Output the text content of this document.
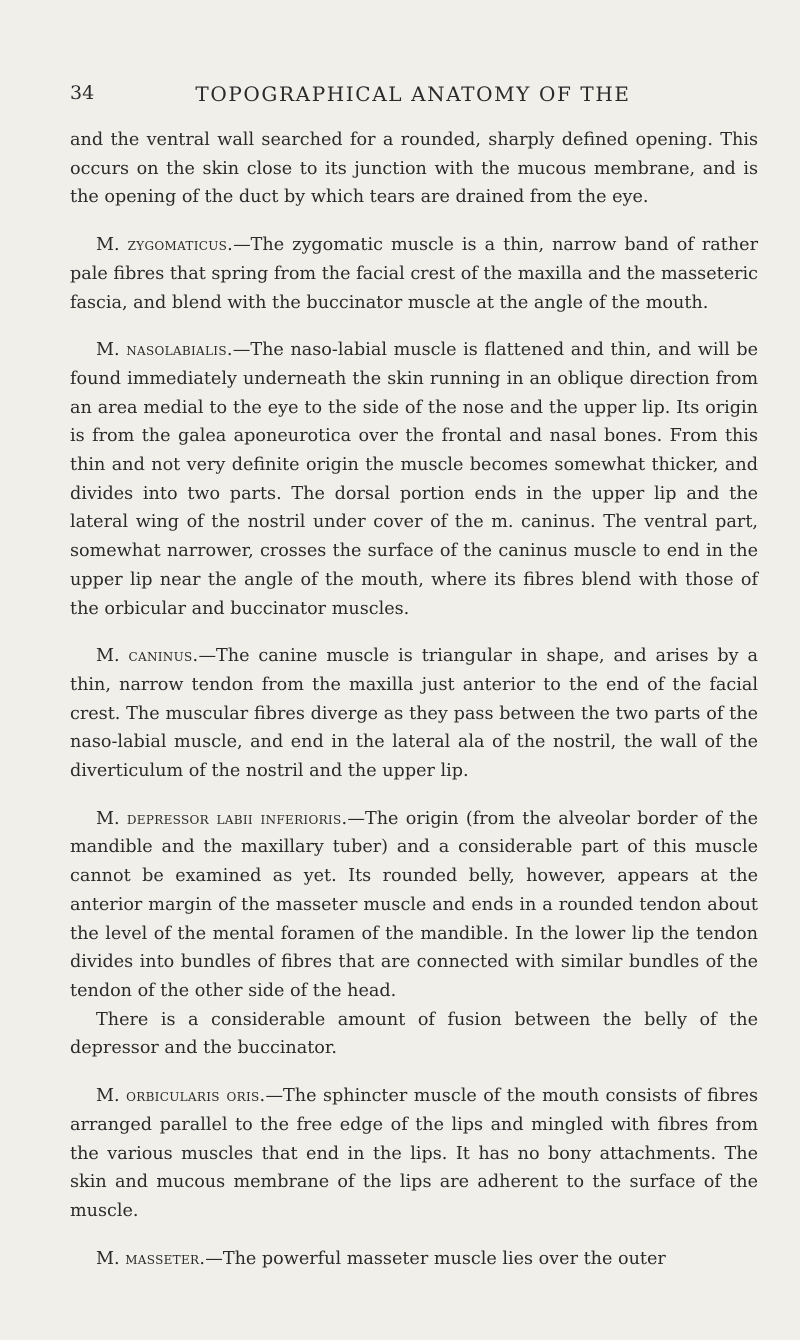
34	TOPOGRAPHICAL ANATOMY OF THE

and the ventral wall searched for a rounded, sharply defined opening. This occurs on the skin close to its junction with the mucous membrane, and is the opening of the duct by which tears are drained from the eye.

M. zygomaticus.—The zygomatic muscle is a thin, narrow band of rather pale fibres that spring from the facial crest of the maxilla and the masseteric fascia, and blend with the buccinator muscle at the angle of the mouth.

M. nasolabialis.—The naso-labial muscle is flattened and thin, and will be found immediately underneath the skin running in an oblique direction from an area medial to the eye to the side of the nose and the upper lip. Its origin is from the galea aponeurotica over the frontal and nasal bones. From this thin and not very definite origin the muscle becomes somewhat thicker, and divides into two parts. The dorsal portion ends in the upper lip and the lateral wing of the nostril under cover of the m. caninus. The ventral part, somewhat narrower, crosses the surface of the caninus muscle to end in the upper lip near the angle of the mouth, where its fibres blend with those of the orbicular and buccinator muscles.

M. caninus.—The canine muscle is triangular in shape, and arises by a thin, narrow tendon from the maxilla just anterior to the end of the facial crest. The muscular fibres diverge as they pass between the two parts of the naso-labial muscle, and end in the lateral ala of the nostril, the wall of the diverticulum of the nostril and the upper lip.

M. depressor labii inferioris.—The origin (from the alveolar border of the mandible and the maxillary tuber) and a considerable part of this muscle cannot be examined as yet. Its rounded belly, however, appears at the anterior margin of the masseter muscle and ends in a rounded tendon about the level of the mental foramen of the mandible. In the lower lip the tendon divides into bundles of fibres that are connected with similar bundles of the tendon of the other side of the head.

There is a considerable amount of fusion between the belly of the depressor and the buccinator.

M. orbicularis oris.—The sphincter muscle of the mouth consists of fibres arranged parallel to the free edge of the lips and mingled with fibres from the various muscles that end in the lips. It has no bony attachments. The skin and mucous membrane of the lips are adherent to the surface of the muscle.

M. masseter.—The powerful masseter muscle lies over the outer
